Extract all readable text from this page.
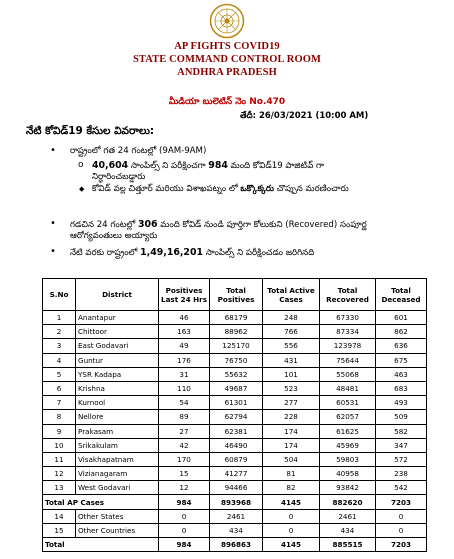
AP FIGHTS COVID19
STATE COMMAND CONTROL ROOM
ANDHRA PRADESH
మీడియా బులెటిన్ నెం No.470
తేదీ: 26/03/2021 (10:00 AM)
నేటి కోవిడ్19 కేసుల వివరాలు:
• రాష్ట్రంలో గత 24 గంటల్లో (9AM-9AM)
o 40,604 సాంపిల్స్ ని పరీక్షించగా 984 మంది కోవిడ్19 పాజిటివ్ గా
నిర్ధారించబడ్డారు
◆ కోవిడ్ వల్ల చిత్తూర్ మరియు విశాఖపట్నం లో ఒక్కొక్కరు చొప్పున మరణించారు
• గడచిన 24 గంటల్లో 306 మంది కోవిడ్ నుండి పూర్తిగా కోలుకుని (Recovered) సంపూర్ణ
ఆరోగ్యవంతులు అయ్యారు
• నేటి వరకు రాష్ట్రంలో 1,49,16,201 సాంపిల్స్ ని పరీక్షించడం జరిగినది
S.No	District	Positives Last 24 Hrs	Total Positives	Total Active Cases	Total Recovered	Total Deceased
1	Anantapur	46	68179	248	67330	601
2	Chittoor	163	88962	766	87334	862
3	East Godavari	49	125170	556	123978	636
4	Guntur	176	76750	431	75644	675
5	YSR Kadapa	31	55632	101	55068	463
6	Krishna	110	49687	523	48481	683
7	Kurnool	54	61301	277	60531	493
8	Nellore	89	62794	228	62057	509
9	Prakasam	27	62381	174	61625	582
10	Srikakulam	42	46490	174	45969	347
11	Visakhapatnam	170	60879	504	59803	572
12	Vizianagaram	15	41277	81	40958	238
13	West Godavari	12	94466	82	93842	542
Total AP Cases		984	893968	4145	882620	7203
14	Other States	0	2461	0	2461	0
15	Other Countries	0	434	0	434	0
Total		984	896863	4145	885515	7203
